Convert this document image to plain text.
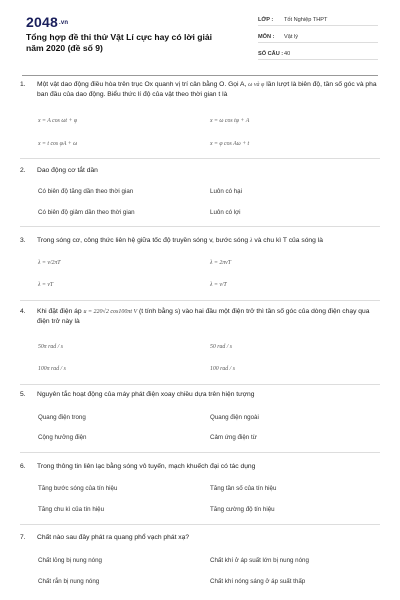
2048.vn
Tổng hợp đề thi thử Vật Lí cực hay có lời giải năm 2020 (đề số 9)
LỚP :	Tốt Nghiệp THPT
MÔN :	Vật lý
SỐ CÂU : 40
1.	Một vật dao động điều hòa trên trục Ox quanh vị trí cân bằng O. Gọi A, ω và φ lần lượt là biên độ, tần số góc và pha ban đầu của dao động. Biểu thức lí độ của vật theo thời gian t là
x = A cos ωt + φ	x = ω cos tφ + A
x = t cos φA + ω	x = φ cos Aω + t
2.	Dao động cơ tắt dần
Có biên độ tăng dần theo thời gian	Luôn có hại
Có biên độ giảm dần theo thời gian	Luôn có lợi
3.	Trong sóng cơ, công thức liên hệ giữa tốc độ truyền sóng v, bước sóng λ và chu kì T của sóng là
λ = v/2πT	λ = 2πvT
λ = vT	λ = v/T
4.	Khi đặt điện áp u = 220√2 cos100πt V (t tính bằng s) vào hai đầu một điện trở thì tần số góc của dòng điện chạy qua điện trở này là
50π rad / s	50 rad / s
100π rad / s	100 rad / s
5.	Nguyên tắc hoạt động của máy phát điện xoay chiều dựa trên hiện tượng
Quang điện trong	Quang điện ngoài
Cộng hưởng điện	Cảm ứng điện từ
6.	Trong thông tin liên lạc bằng sóng vô tuyến, mạch khuếch đại có tác dụng
Tăng bước sóng của tín hiệu	Tăng tần số của tín hiệu
Tăng chu kì của tín hiệu	Tăng cường độ tín hiệu
7.	Chất nào sau đây phát ra quang phổ vạch phát xạ?
Chất lỏng bị nung nóng	Chất khí ở áp suất lớn bị nung nóng
Chất rắn bị nung nóng	Chất khí nóng sáng ở áp suất thấp
